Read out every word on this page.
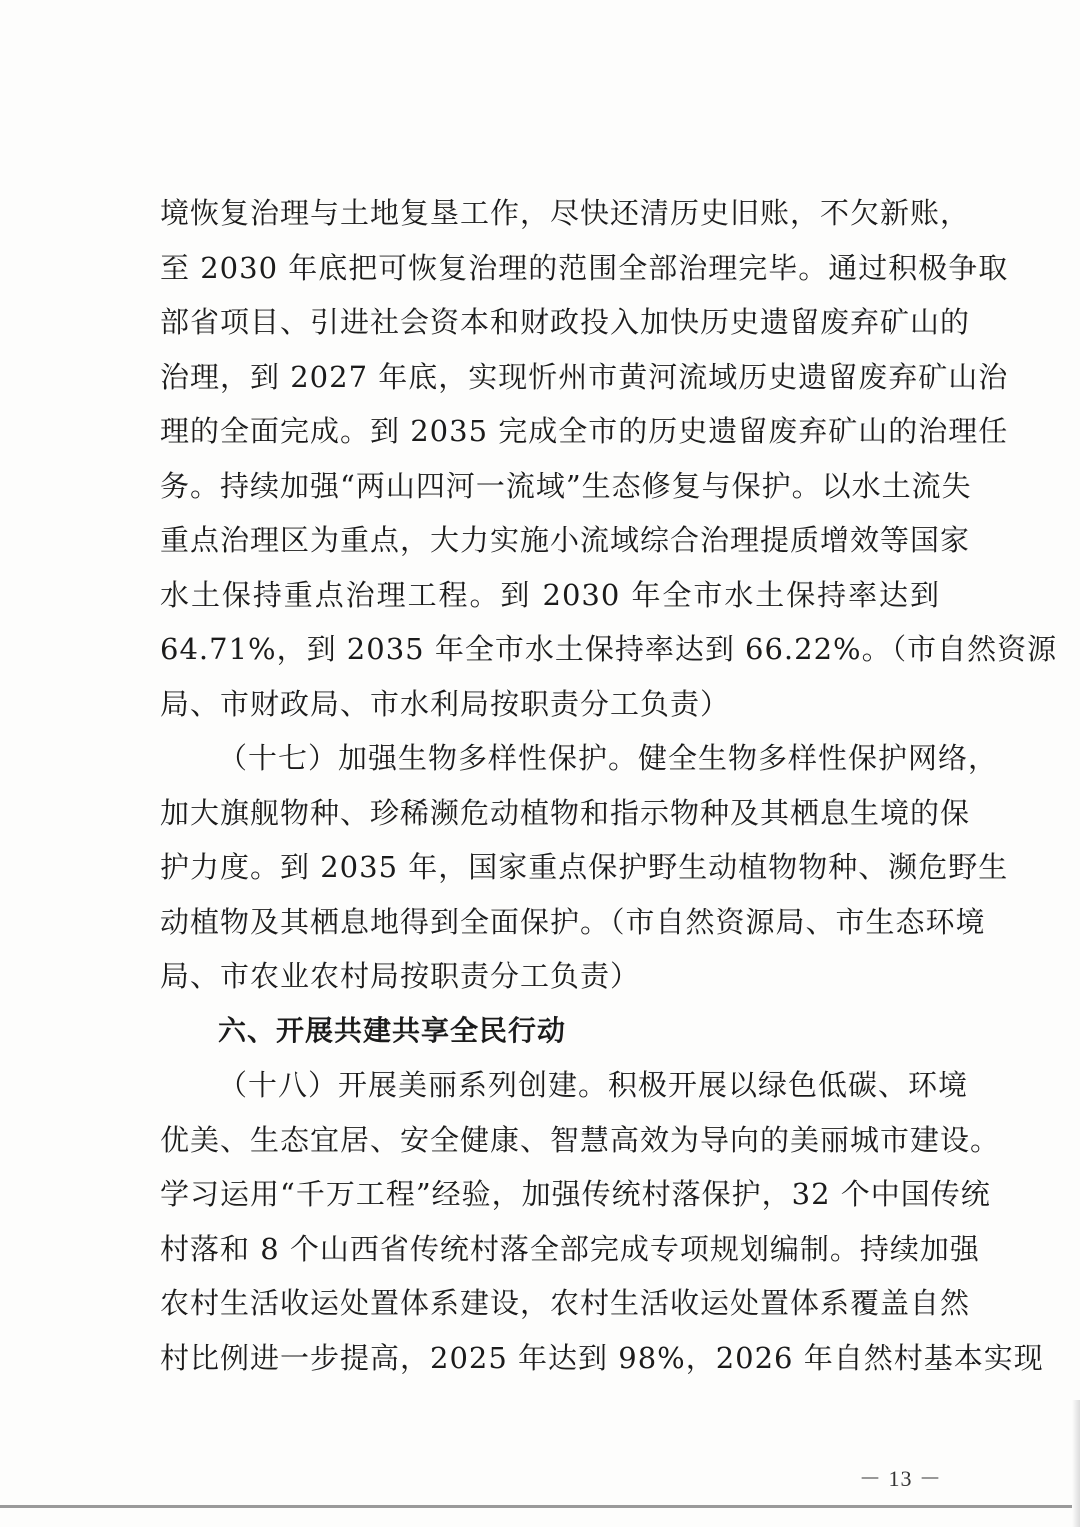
境恢复治理与土地复垦工作，尽快还清历史旧账，不欠新账，
至 2030 年底把可恢复治理的范围全部治理完毕。通过积极争取
部省项目、引进社会资本和财政投入加快历史遗留废弃矿山的
治理，到 2027 年底，实现忻州市黄河流域历史遗留废弃矿山治
理的全面完成。到 2035 完成全市的历史遗留废弃矿山的治理任
务。持续加强“两山四河一流域”生态修复与保护。以水土流失
重点治理区为重点，大力实施小流域综合治理提质增效等国家
水土保持重点治理工程。到 2030 年全市水土保持率达到
64.71%，到 2035 年全市水土保持率达到 66.22%。（市自然资源
局、市财政局、市水利局按职责分工负责）
（十七）加强生物多样性保护。健全生物多样性保护网络，
加大旗舰物种、珍稀濒危动植物和指示物种及其栖息生境的保
护力度。到 2035 年，国家重点保护野生动植物物种、濒危野生
动植物及其栖息地得到全面保护。（市自然资源局、市生态环境
局、市农业农村局按职责分工负责）
六、开展共建共享全民行动
（十八）开展美丽系列创建。积极开展以绿色低碳、环境
优美、生态宜居、安全健康、智慧高效为导向的美丽城市建设。
学习运用“千万工程”经验，加强传统村落保护，32 个中国传统
村落和 8 个山西省传统村落全部完成专项规划编制。持续加强
农村生活收运处置体系建设，农村生活收运处置体系覆盖自然
村比例进一步提高，2025 年达到 98%，2026 年自然村基本实现
－ 13 －
